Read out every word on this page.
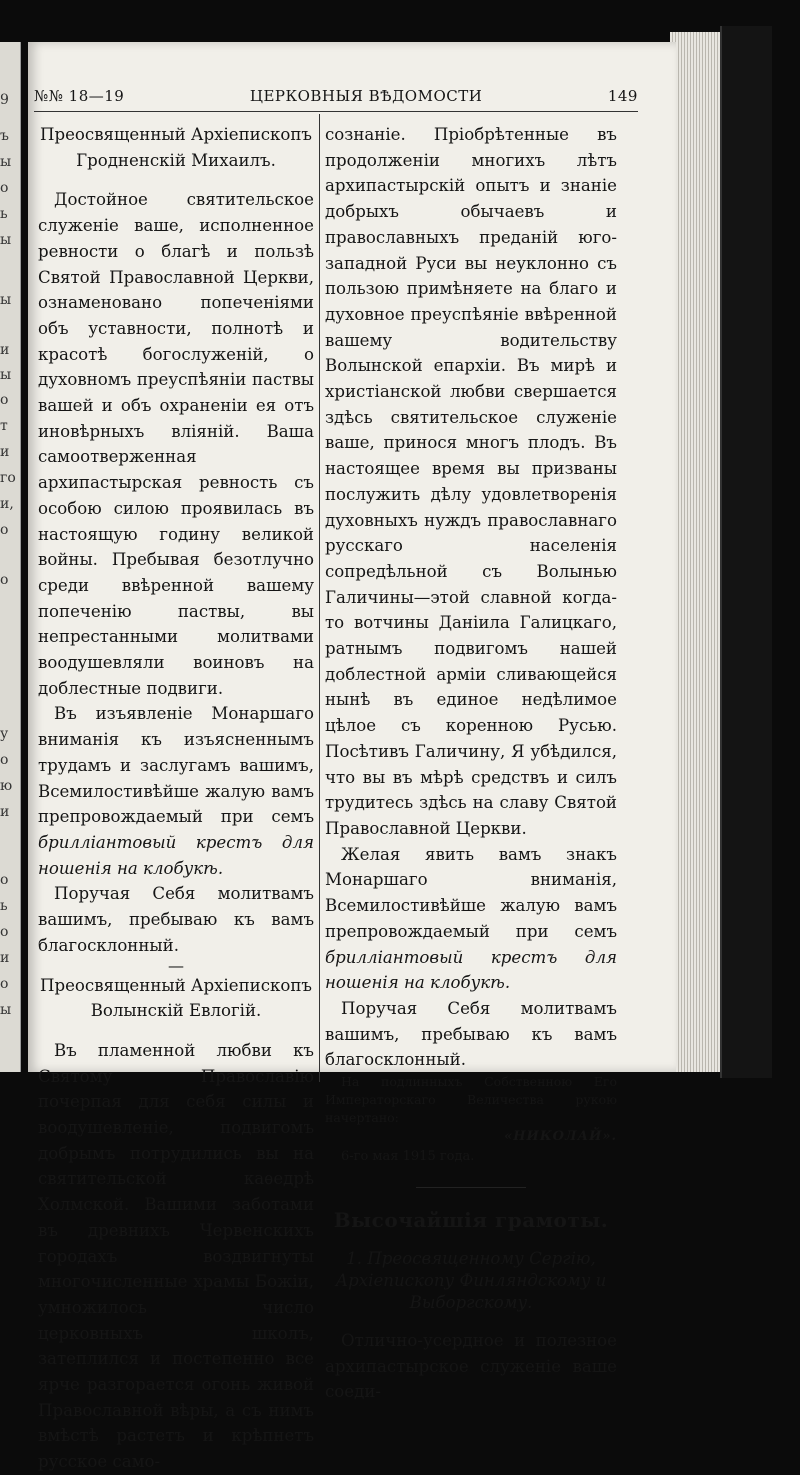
9
ъ
ы
о
ь
ы
ы
и
ы
о
т
и
го
и,
о
о
у
о
ю
и
о
ь
о
и
о
ы
№№ 18—19	ЦЕРКОВНЫЯ ВѢДОМОСТИ	149
Преосвященный Архіепископъ
Гродненскій Михаилъ.

Достойное святительское служеніе ваше, исполненное ревности о благѣ и пользѣ Святой Православной Церкви, ознаменовано попеченіями объ уставности, полнотѣ и красотѣ богослуженій, о духовномъ преуспѣяніи паствы вашей и объ охраненіи ея отъ иновѣрныхъ вліяній. Ваша самоотверженная архипастырская ревность съ особою силою проявилась въ настоящую годину великой войны. Пребывая безотлучно среди ввѣренной вашему попеченію паствы, вы непрестанными молитвами воодушевляли воиновъ на доблестные подвиги.

Въ изъявленіе Монаршаго вниманія къ изъясненнымъ трудамъ и заслугамъ вашимъ, Всемилостивѣйше жалую вамъ препровождаемый при семъ бриллiантовый крестъ для ношенія на клобукѣ.

Поручая Себя молитвамъ вашимъ, пребываю къ вамъ благосклонный.

—
Преосвященный Архіепископъ
Волынскій Евлогій.

Въ пламенной любви къ Святому Православію почерпая для себя силы и воодушевленіе, подвигомъ добрымъ потрудились вы на святительской каѳедрѣ Холмской. Вашими заботами въ древнихъ Червенскихъ городахъ воздвигнуты многочисленные храмы Божіи, умножилось число церковныхъ школъ, затеплился и постепенно все ярче разгорается огонь живой Православной вѣры, а съ нимъ вмѣстѣ растетъ и крѣпнетъ русское само-

сознаніе. Пріобрѣтенные въ продолженіи многихъ лѣтъ архипастырскій опытъ и знаніе добрыхъ обычаевъ и православныхъ преданій юго-западной Руси вы неуклонно съ пользою примѣняете на благо и духовное преуспѣяніе ввѣренной вашему водительству Волынской епархіи. Въ мирѣ и христіанской любви свершается здѣсь святительское служеніе ваше, принося многъ плодъ. Въ настоящее время вы призваны послужить дѣлу удовлетворенія духовныхъ нуждъ православнаго русскаго населенія сопредѣльной съ Волынью Галичины—этой славной когда-то вотчины Даніила Галицкаго, ратнымъ подвигомъ нашей доблестной арміи сливающейся нынѣ въ единое недѣлимое цѣлое съ коренною Русью. Посѣтивъ Галичину, Я убѣдился, что вы въ мѣрѣ средствъ и силъ трудитесь здѣсь на славу Святой Православной Церкви.

Желая явить вамъ знакъ Монаршаго вниманія, Всемилостивѣйше жалую вамъ препровождаемый при семъ бриллiантовый крестъ для ношенія на клобукѣ.

Поручая Себя молитвамъ вашимъ, пребываю къ вамъ благосклонный.

На подлинныхъ Собственною Его Императорскаго Величества рукою начертано:

«НИКОЛАЙ».
6-го мая 1915 года.
Высочайшія грамоты.
1. Преосвященному Сергію, Архіепископу Финляндскому и Выборгскому.

Отлично-усердное и полезное архипастырское служеніе ваше соеди-
